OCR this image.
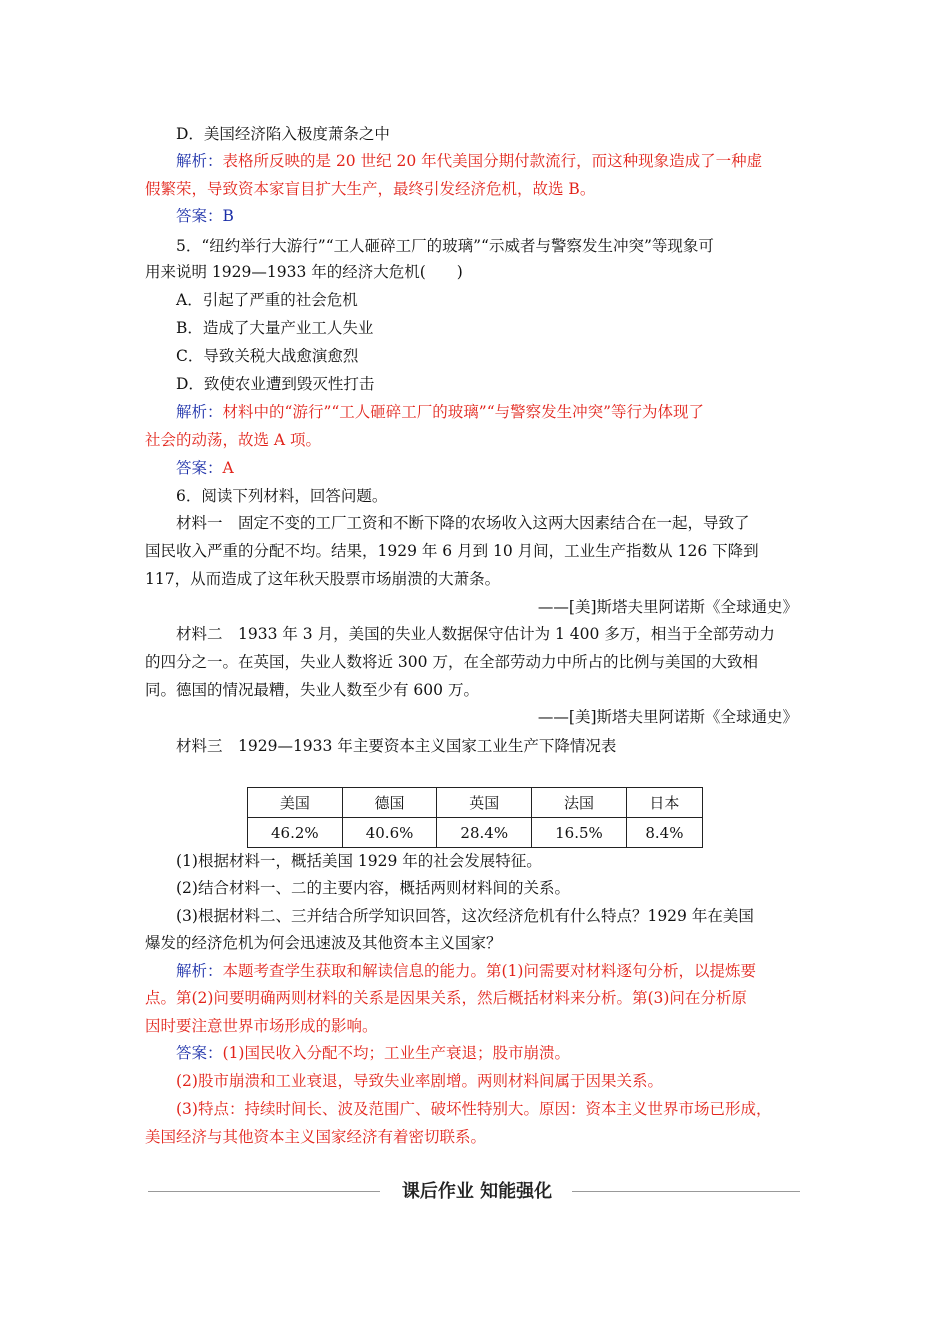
D．美国经济陷入极度萧条之中
解析：表格所反映的是 20 世纪 20 年代美国分期付款流行，而这种现象造成了一种虚
假繁荣，导致资本家盲目扩大生产，最终引发经济危机，故选 B。
答案：B
5．“纽约举行大游行”“工人砸碎工厂的玻璃”“示威者与警察发生冲突”等现象可
用来说明 1929—1933 年的经济大危机(　　)
A．引起了严重的社会危机
B．造成了大量产业工人失业
C．导致关税大战愈演愈烈
D．致使农业遭到毁灭性打击
解析：材料中的“游行”“工人砸碎工厂的玻璃”“与警察发生冲突”等行为体现了
社会的动荡，故选 A 项。
答案：A
6．阅读下列材料，回答问题。
材料一　固定不变的工厂工资和不断下降的农场收入这两大因素结合在一起，导致了
国民收入严重的分配不均。结果，1929 年 6 月到 10 月间，工业生产指数从 126 下降到
117，从而造成了这年秋天股票市场崩溃的大萧条。
——[美]斯塔夫里阿诺斯《全球通史》
材料二　1933 年 3 月，美国的失业人数据保守估计为 1 400 多万，相当于全部劳动力
的四分之一。在英国，失业人数将近 300 万，在全部劳动力中所占的比例与美国的大致相
同。德国的情况最糟，失业人数至少有 600 万。
——[美]斯塔夫里阿诺斯《全球通史》
材料三　1929—1933 年主要资本主义国家工业生产下降情况表
美国	德国	英国	法国	日本
46.2%	40.6%	28.4%	16.5%	8.4%
(1)根据材料一，概括美国 1929 年的社会发展特征。
(2)结合材料一、二的主要内容，概括两则材料间的关系。
(3)根据材料二、三并结合所学知识回答，这次经济危机有什么特点？1929 年在美国
爆发的经济危机为何会迅速波及其他资本主义国家？
解析：本题考查学生获取和解读信息的能力。第(1)问需要对材料逐句分析，以提炼要
点。第(2)问要明确两则材料的关系是因果关系，然后概括材料来分析。第(3)问在分析原
因时要注意世界市场形成的影响。
答案：(1)国民收入分配不均；工业生产衰退；股市崩溃。
(2)股市崩溃和工业衰退，导致失业率剧增。两则材料间属于因果关系。
(3)特点：持续时间长、波及范围广、破坏性特别大。原因：资本主义世界市场已形成，
美国经济与其他资本主义国家经济有着密切联系。
课后作业 知能强化
